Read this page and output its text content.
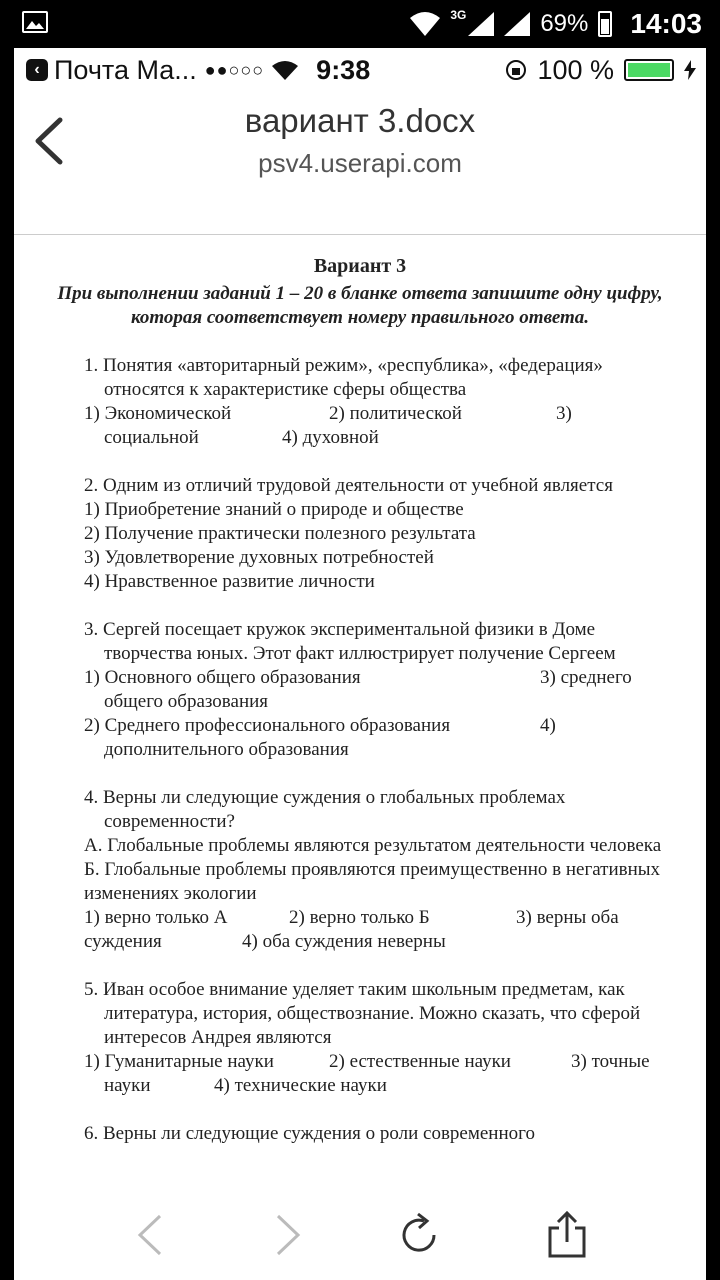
3G	69% 14:03
‹ Почта Ма... ●●○○○ 9:38	100 %
вариант 3.docx
psv4.userapi.com
Вариант 3
При выполнении заданий 1 – 20 в бланке ответа запишите одну цифру, которая соответствует номеру правильного ответа.
1. Понятия «авторитарный режим», «республика», «федерация» относятся к характеристике сферы общества
1) Экономической	2) политической	3)
социальной	4) духовной
2. Одним из отличий трудовой деятельности от учебной является
1) Приобретение знаний о природе и обществе
2) Получение практически полезного результата
3) Удовлетворение духовных потребностей
4) Нравственное развитие личности
3. Сергей посещает кружок экспериментальной физики в Доме творчества юных. Этот факт иллюстрирует получение Сергеем
1) Основного общего образования	3) среднего
общего образования
2) Среднего профессионального образования	4)
дополнительного образования
4. Верны ли следующие суждения о глобальных проблемах современности?
А. Глобальные проблемы являются результатом деятельности человека
Б. Глобальные проблемы проявляются преимущественно в негативных изменениях экологии
1) верно только А	2) верно только Б	3) верны оба
суждения	4) оба суждения неверны
5. Иван особое внимание уделяет таким школьным предметам, как литература, история, обществознание. Можно сказать, что сферой интересов Андрея являются
1) Гуманитарные науки	2) естественные науки	3) точные
науки	4) технические науки
6. Верны ли следующие суждения о роли современного
